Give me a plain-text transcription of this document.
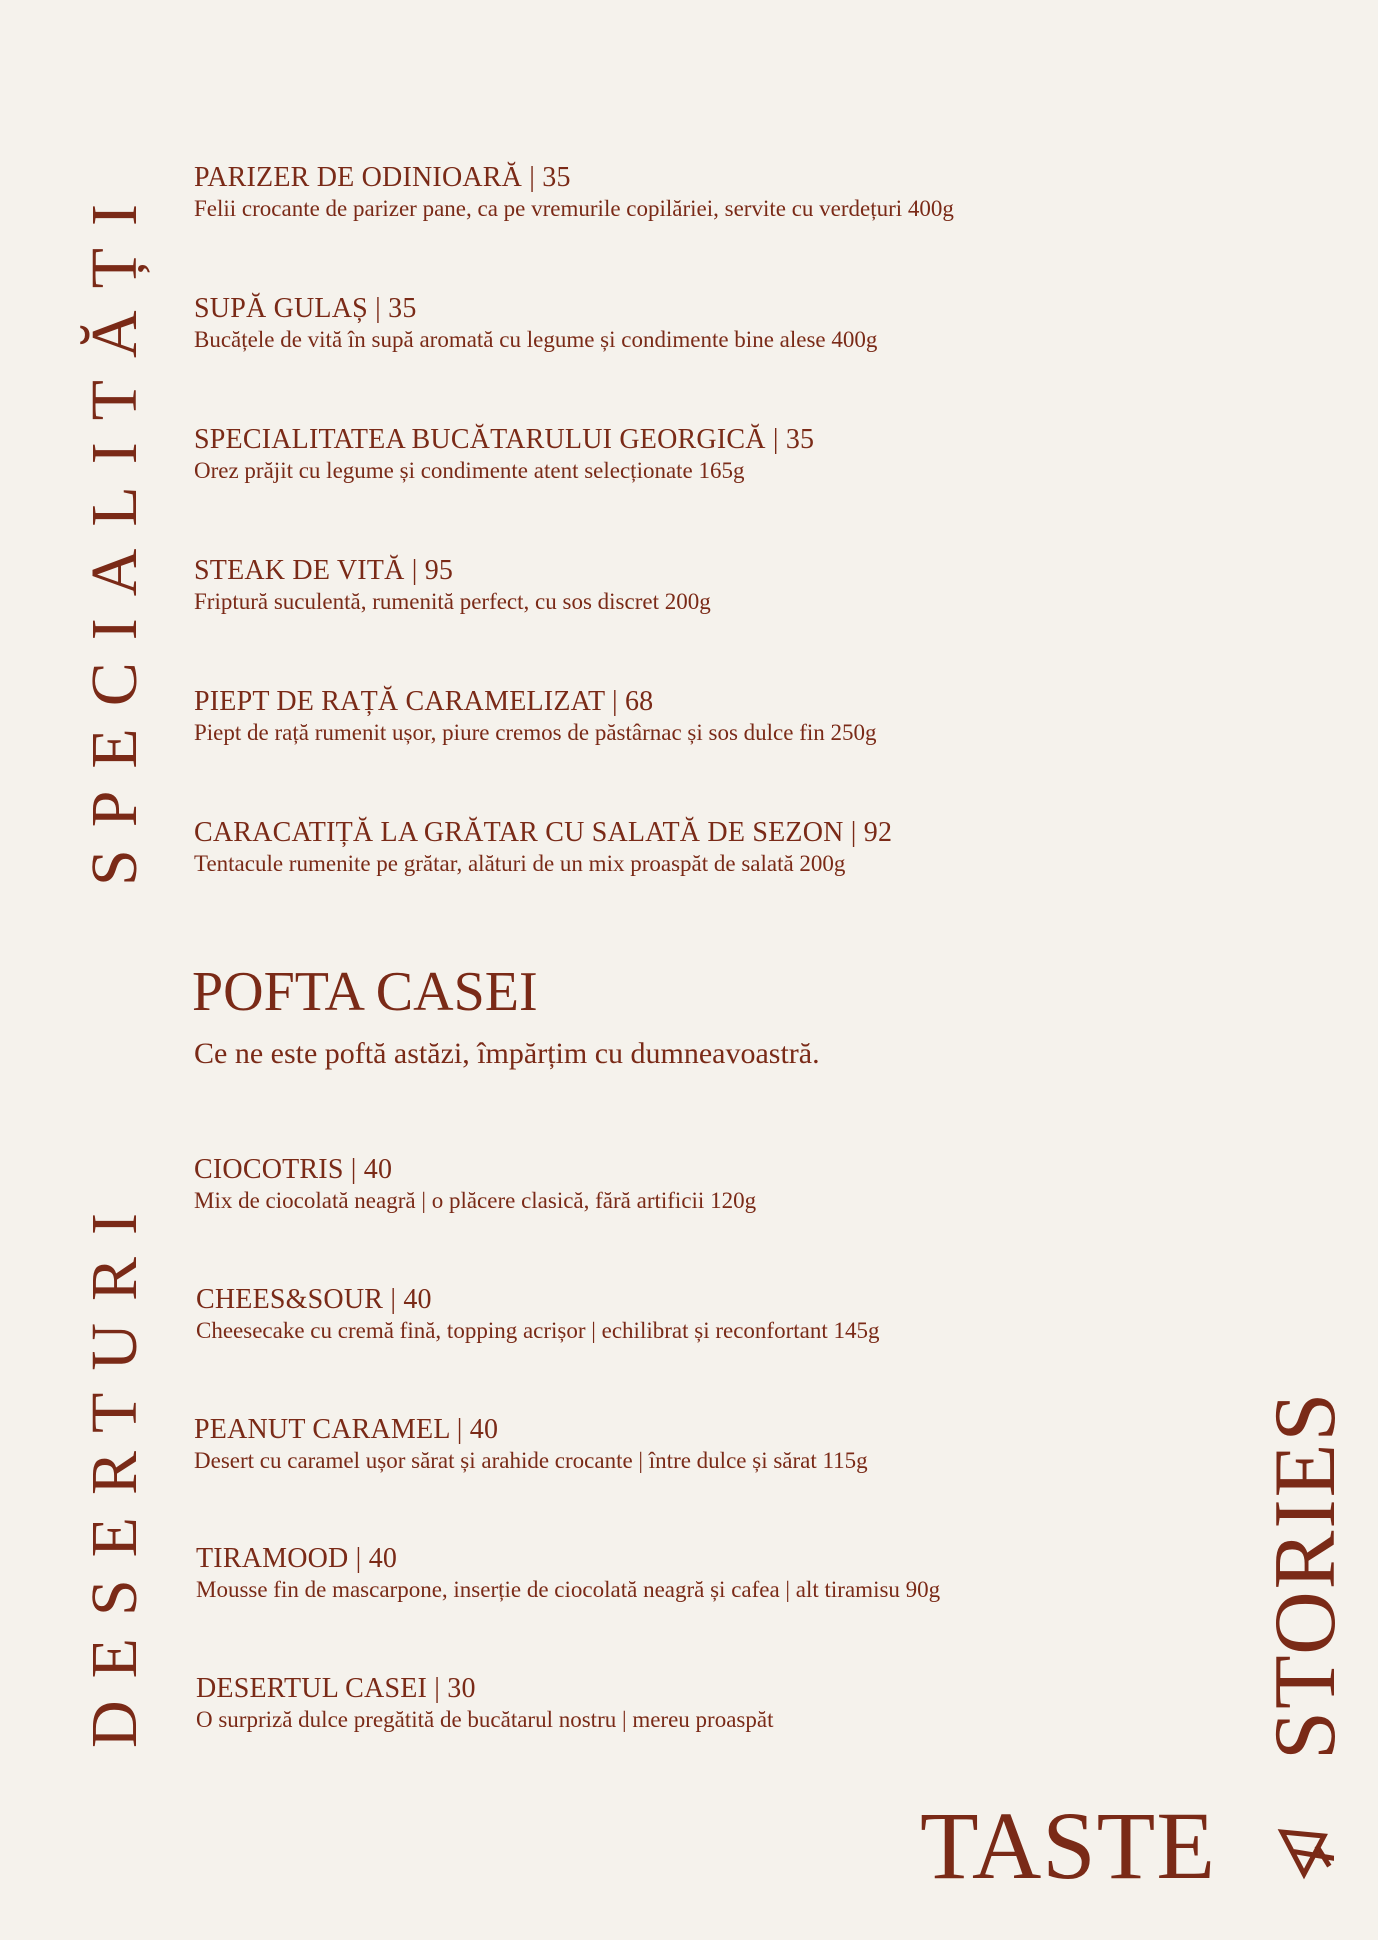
SPECIALITĂȚI
DESERTURI	STORIES
PARIZER DE ODINIOARĂ | 35
Felii crocante de parizer pane, ca pe vremurile copilăriei, servite cu verdețuri 400g
SUPĂ GULAȘ | 35
Bucățele de vită în supă aromată cu legume și condimente bine alese 400g
SPECIALITATEA BUCĂTARULUI GEORGICĂ | 35
Orez prăjit cu legume și condimente atent selecționate 165g
STEAK DE VITĂ | 95
Friptură suculentă, rumenită perfect, cu sos discret 200g
PIEPT DE RAȚĂ CARAMELIZAT | 68
Piept de rață rumenit ușor, piure cremos de păstârnac și sos dulce fin 250g
CARACATIȚĂ LA GRĂTAR CU SALATĂ DE SEZON | 92
Tentacule rumenite pe grătar, alături de un mix proaspăt de salată 200g
POFTA CASEI
Ce ne este poftă astăzi, împărțim cu dumneavoastră.
CIOCOTRIS | 40
Mix de ciocolată neagră | o plăcere clasică, fără artificii 120g
CHEES&SOUR | 40
Cheesecake cu cremă fină, topping acrișor | echilibrat și reconfortant 145g
PEANUT CARAMEL | 40
Desert cu caramel ușor sărat și arahide crocante | între dulce și sărat 115g
TIRAMOOD | 40
Mousse fin de mascarpone, inserție de ciocolată neagră și cafea | alt tiramisu 90g
DESERTUL CASEI | 30
O surpriză dulce pregătită de bucătarul nostru | mereu proaspăt
TASTE
